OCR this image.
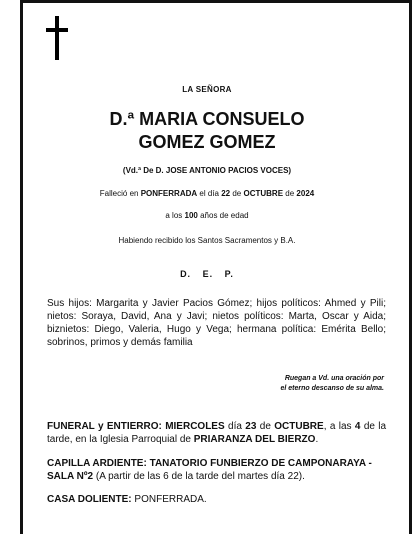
LA SEÑORA
D.ª MARIA CONSUELO
GOMEZ GOMEZ
(Vd.ª De D. JOSE ANTONIO PACIOS VOCES)
Falleció en PONFERRADA el día 22 de OCTUBRE de 2024
a los 100 años de edad
Habiendo recibido los Santos Sacramentos y B.A.
D. E. P.
Sus hijos: Margarita y Javier Pacios Gómez; hijos políticos: Ahmed y Pili; nietos: Soraya, David, Ana y Javi; nietos políticos: Marta, Oscar y Aida; biznietos: Diego, Valeria, Hugo y Vega; hermana política: Emérita Bello; sobrinos, primos y demás familia
Ruegan a Vd. una oración por
el eterno descanso de su alma.
FUNERAL y ENTIERRO: MIERCOLES día 23 de OCTUBRE, a las 4 de la tarde, en la Iglesia Parroquial de PRIARANZA DEL BIERZO.
CAPILLA ARDIENTE: TANATORIO FUNBIERZO DE CAMPONARAYA - SALA Nº2 (A partir de las 6 de la tarde del martes día 22).
CASA DOLIENTE: PONFERRADA.
